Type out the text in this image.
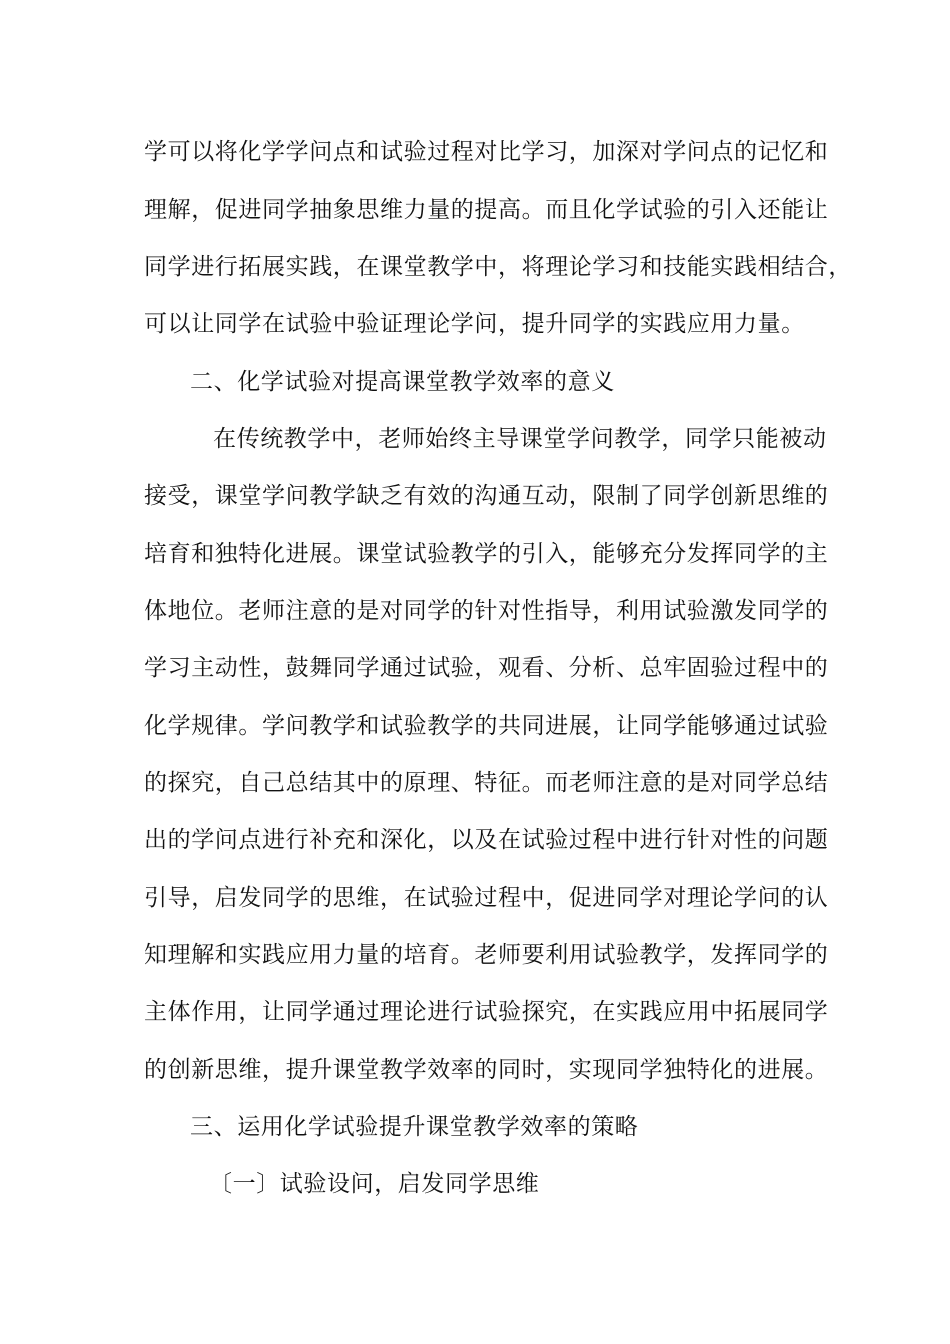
学可以将化学学问点和试验过程对比学习，加深对学问点的记忆和
理解，促进同学抽象思维力量的提高。而且化学试验的引入还能让
同学进行拓展实践，在课堂教学中，将理论学习和技能实践相结合，
可以让同学在试验中验证理论学问，提升同学的实践应用力量。
二、化学试验对提高课堂教学效率的意义
在传统教学中，老师始终主导课堂学问教学，同学只能被动
接受，课堂学问教学缺乏有效的沟通互动，限制了同学创新思维的
培育和独特化进展。课堂试验教学的引入，能够充分发挥同学的主
体地位。老师注意的是对同学的针对性指导，利用试验激发同学的
学习主动性，鼓舞同学通过试验，观看、分析、总牢固验过程中的
化学规律。学问教学和试验教学的共同进展，让同学能够通过试验
的探究，自己总结其中的原理、特征。而老师注意的是对同学总结
出的学问点进行补充和深化，以及在试验过程中进行针对性的问题
引导，启发同学的思维，在试验过程中，促进同学对理论学问的认
知理解和实践应用力量的培育。老师要利用试验教学，发挥同学的
主体作用，让同学通过理论进行试验探究，在实践应用中拓展同学
的创新思维，提升课堂教学效率的同时，实现同学独特化的进展。
三、运用化学试验提升课堂教学效率的策略
〔一〕试验设问，启发同学思维
